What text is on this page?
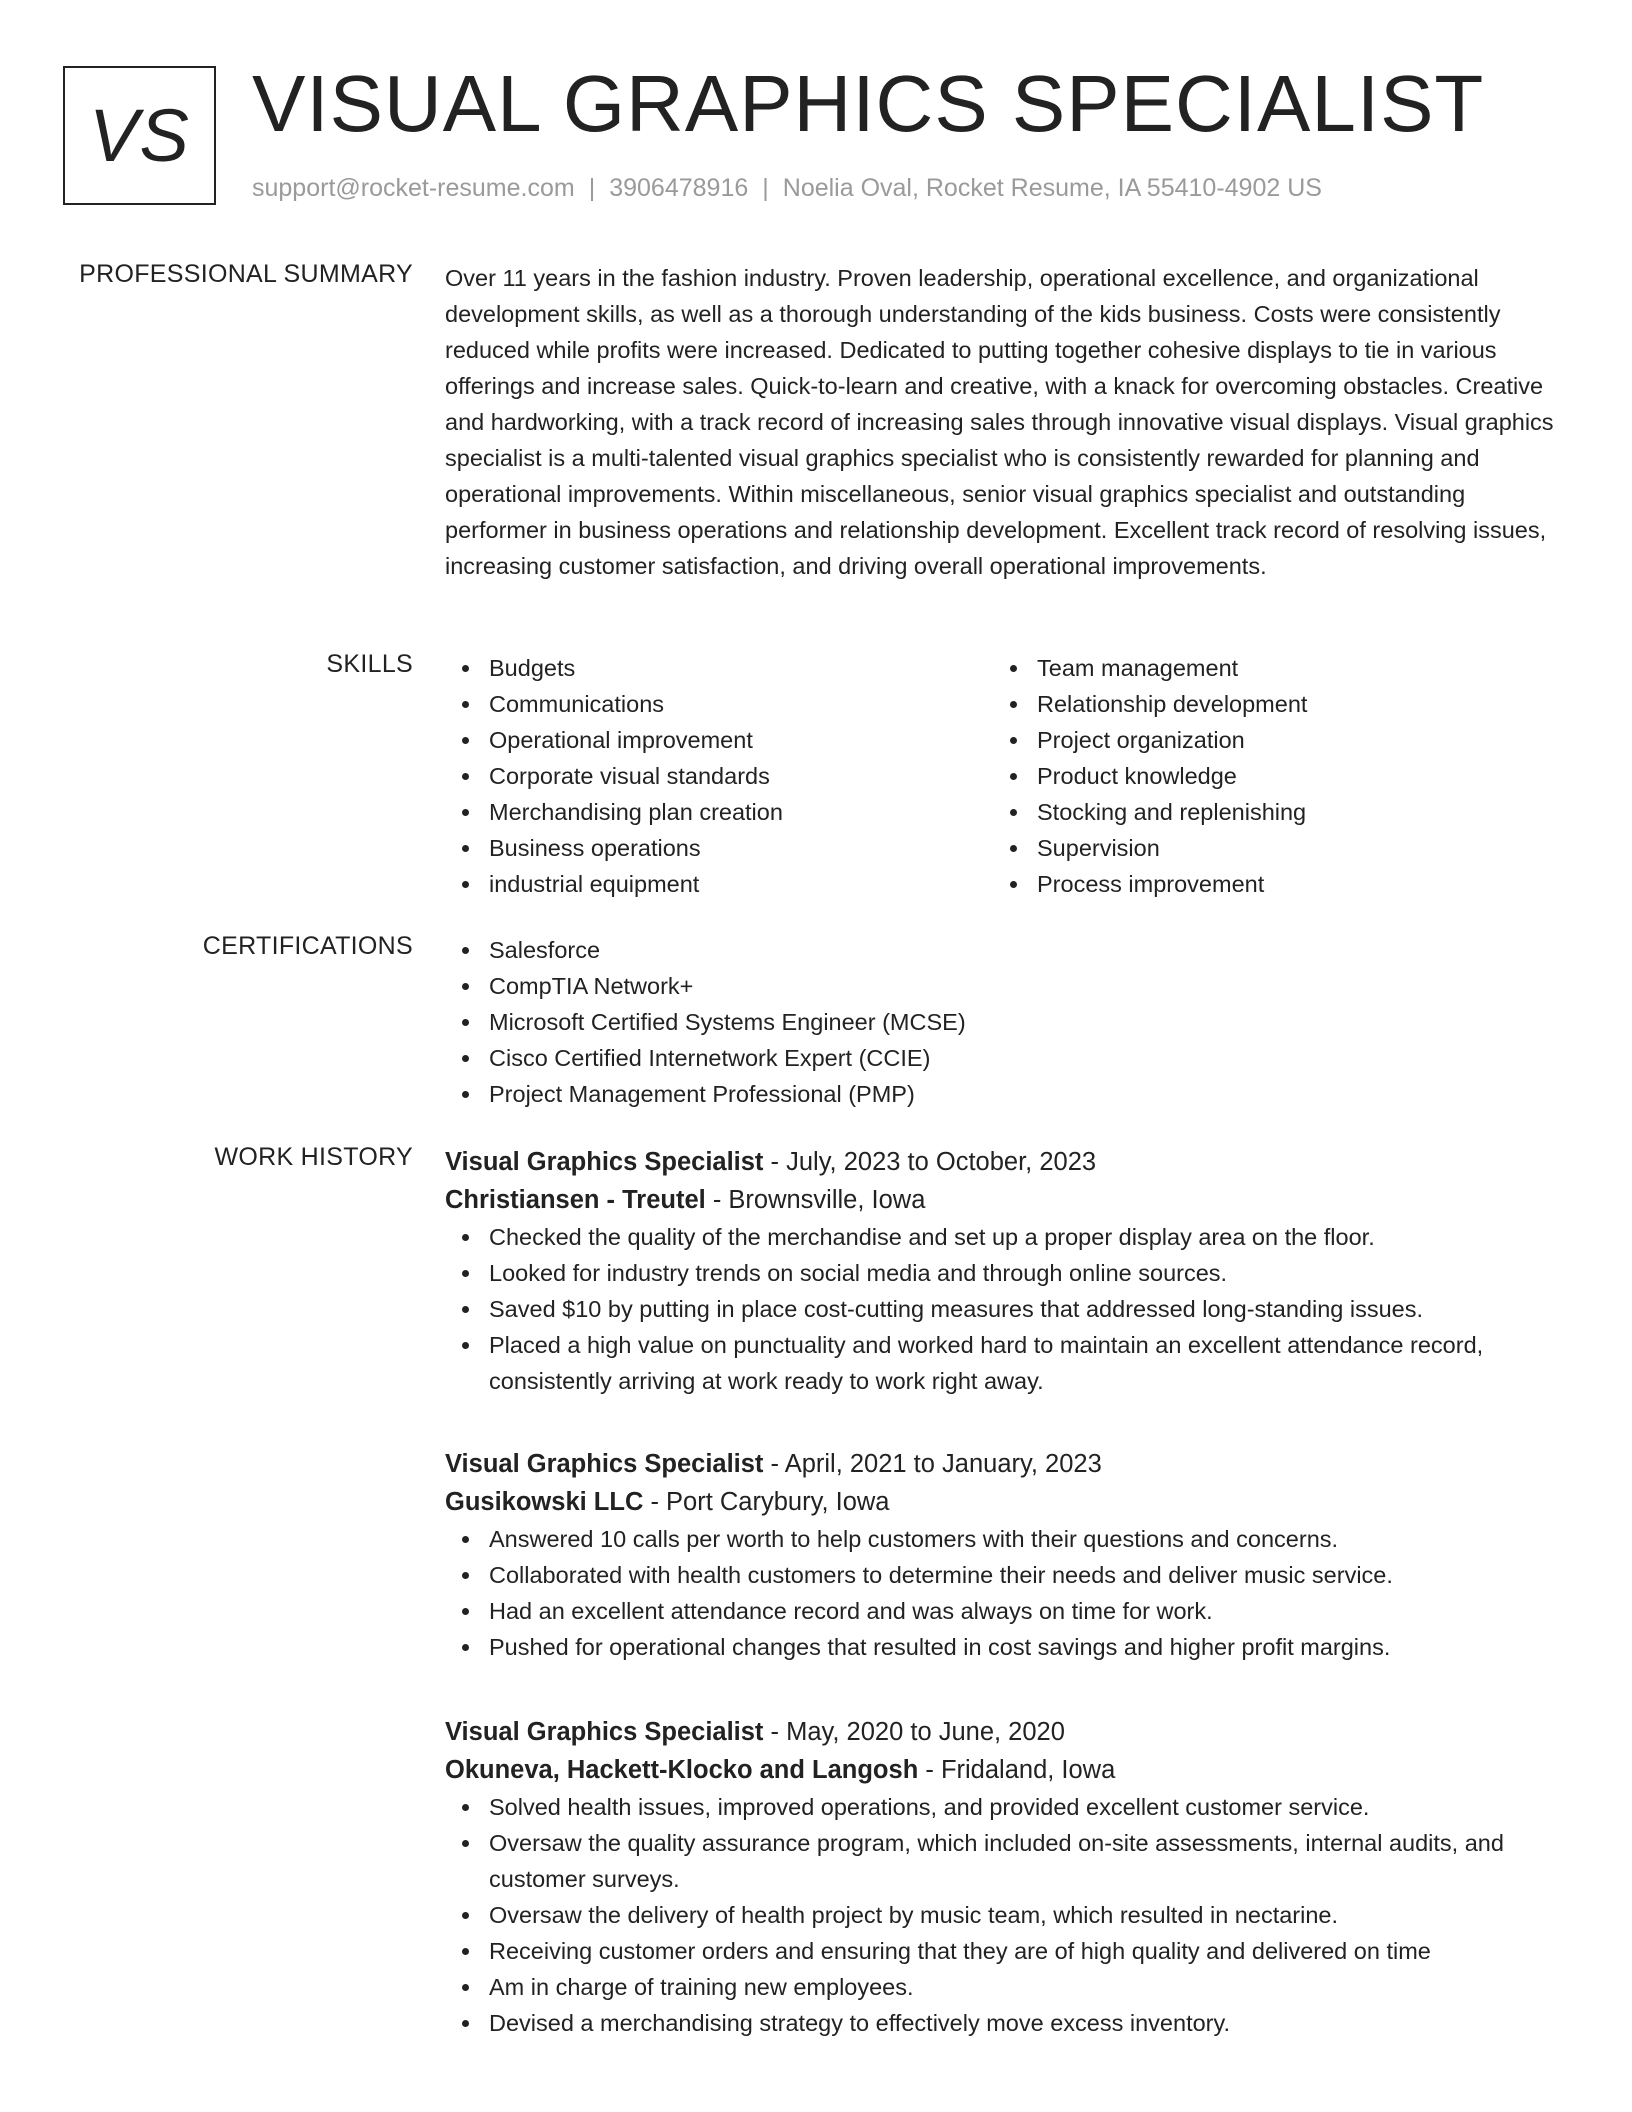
VS VISUAL GRAPHICS SPECIALIST
support@rocket-resume.com | 3906478916 | Noelia Oval, Rocket Resume, IA 55410-4902 US
PROFESSIONAL SUMMARY Over 11 years in the fashion industry. Proven leadership, operational excellence, and organizational development skills, as well as a thorough understanding of the kids business. Costs were consistently reduced while profits were increased. Dedicated to putting together cohesive displays to tie in various offerings and increase sales. Quick-to-learn and creative, with a knack for overcoming obstacles. Creative and hardworking, with a track record of increasing sales through innovative visual displays. Visual graphics specialist is a multi-talented visual graphics specialist who is consistently rewarded for planning and operational improvements. Within miscellaneous, senior visual graphics specialist and outstanding performer in business operations and relationship development. Excellent track record of resolving issues, increasing customer satisfaction, and driving overall operational improvements.
SKILLS	Budgets
Communications
Operational improvement
Corporate visual standards
Merchandising plan creation
Business operations
industrial equipment
Team management
Relationship development
Project organization
Product knowledge
Stocking and replenishing
Supervision
Process improvement
CERTIFICATIONS	Salesforce
CompTIA Network+
Microsoft Certified Systems Engineer (MCSE)
Cisco Certified Internetwork Expert (CCIE)
Project Management Professional (PMP)
WORK HISTORY Visual Graphics Specialist - July, 2023 to October, 2023
Christiansen - Treutel - Brownsville, Iowa
Checked the quality of the merchandise and set up a proper display area on the floor.
Looked for industry trends on social media and through online sources.
Saved $10 by putting in place cost-cutting measures that addressed long-standing issues.
Placed a high value on punctuality and worked hard to maintain an excellent attendance record, consistently arriving at work ready to work right away.
Visual Graphics Specialist - April, 2021 to January, 2023
Gusikowski LLC - Port Carybury, Iowa
Answered 10 calls per worth to help customers with their questions and concerns.
Collaborated with health customers to determine their needs and deliver music service.
Had an excellent attendance record and was always on time for work.
Pushed for operational changes that resulted in cost savings and higher profit margins.
Visual Graphics Specialist - May, 2020 to June, 2020
Okuneva, Hackett-Klocko and Langosh - Fridaland, Iowa
Solved health issues, improved operations, and provided excellent customer service.
Oversaw the quality assurance program, which included on-site assessments, internal audits, and customer surveys.
Oversaw the delivery of health project by music team, which resulted in nectarine.
Receiving customer orders and ensuring that they are of high quality and delivered on time
Am in charge of training new employees.
Devised a merchandising strategy to effectively move excess inventory.
